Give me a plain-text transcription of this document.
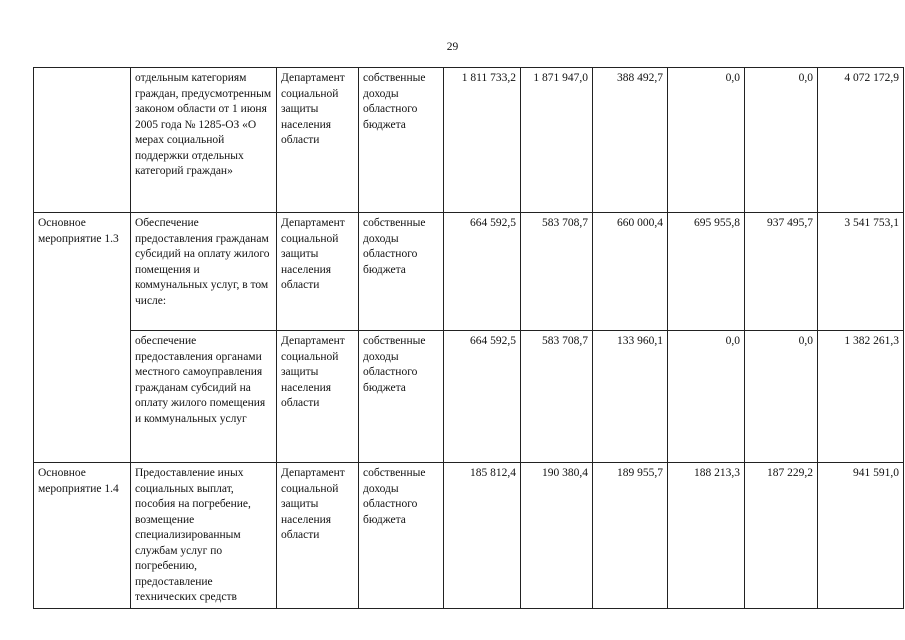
29
	отдельным категориям граждан, предусмотренным законом области от 1 июня 2005 года № 1285-ОЗ «О мерах социальной поддержки отдельных категорий граждан»	Департамент социальной защиты населения области	собственные доходы областного бюджета	1 811 733,2	1 871 947,0	388 492,7	0,0	0,0	4 072 172,9
Основное мероприятие 1.3	Обеспечение предоставления гражданам субсидий на оплату жилого помещения и коммунальных услуг, в том числе:	Департамент социальной защиты населения области	собственные доходы областного бюджета	664 592,5	583 708,7	660 000,4	695 955,8	937 495,7	3 541 753,1
	обеспечение предоставления органами местного самоуправления гражданам субсидий на оплату жилого помещения и коммунальных услуг	Департамент социальной защиты населения области	собственные доходы областного бюджета	664 592,5	583 708,7	133 960,1	0,0	0,0	1 382 261,3
Основное мероприятие 1.4	Предоставление иных социальных выплат, пособия на погребение, возмещение специализированным службам услуг по погребению, предоставление технических средств	Департамент социальной защиты населения области	собственные доходы областного бюджета	185 812,4	190 380,4	189 955,7	188 213,3	187 229,2	941 591,0
